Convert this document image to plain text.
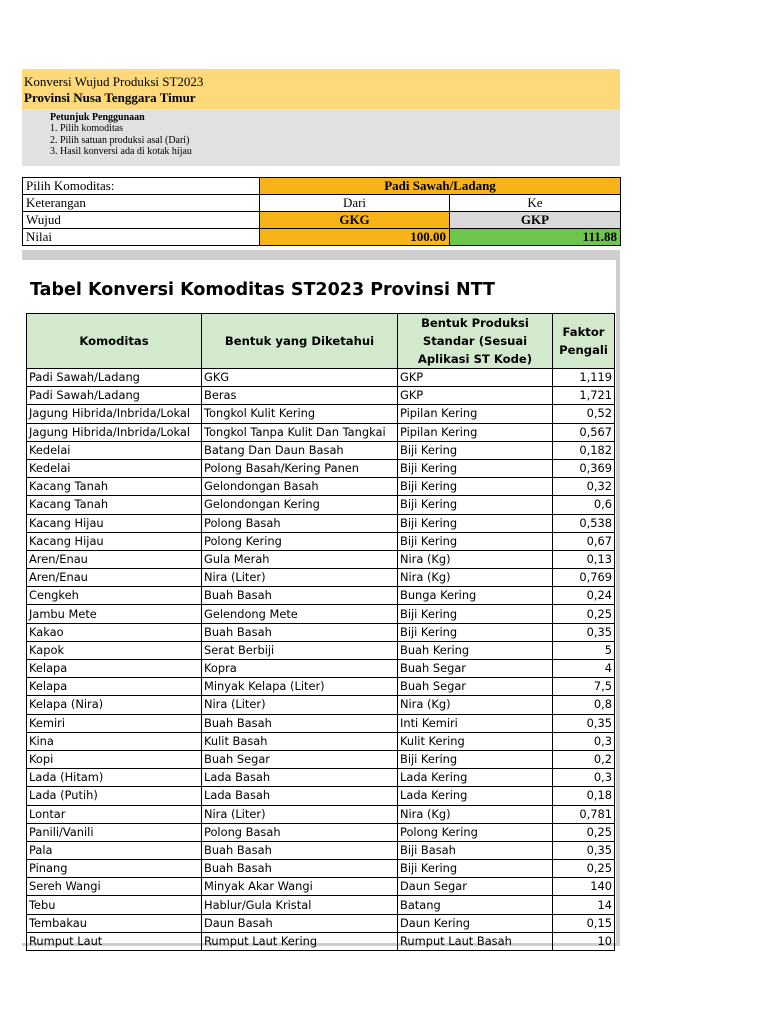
Konversi Wujud Produksi ST2023
Provinsi Nusa Tenggara Timur
Petunjuk Penggunaan
1. Pilih komoditas
2. Pilih satuan produksi asal (Dari)
3. Hasil konversi ada di kotak hijau
Pilih Komoditas:	Padi Sawah/Ladang	
Keterangan	Dari	Ke
Wujud	GKG	GKP
Nilai	100.00	111.88
Tabel Konversi Komoditas ST2023 Provinsi NTT
Komoditas	Bentuk yang Diketahui	Bentuk Produksi Standar (Sesuai Aplikasi ST Kode)	Faktor Pengali
Padi Sawah/Ladang	GKG	GKP	1,119
Padi Sawah/Ladang	Beras	GKP	1,721
Jagung Hibrida/Inbrida/Lokal	Tongkol Kulit Kering	Pipilan Kering	0,52
Jagung Hibrida/Inbrida/Lokal	Tongkol Tanpa Kulit Dan Tangkai	Pipilan Kering	0,567
Kedelai	Batang Dan Daun Basah	Biji Kering	0,182
Kedelai	Polong Basah/Kering Panen	Biji Kering	0,369
Kacang Tanah	Gelondongan Basah	Biji Kering	0,32
Kacang Tanah	Gelondongan Kering	Biji Kering	0,6
Kacang Hijau	Polong Basah	Biji Kering	0,538
Kacang Hijau	Polong Kering	Biji Kering	0,67
Aren/Enau	Gula Merah	Nira (Kg)	0,13
Aren/Enau	Nira (Liter)	Nira (Kg)	0,769
Cengkeh	Buah Basah	Bunga Kering	0,24
Jambu Mete	Gelendong Mete	Biji Kering	0,25
Kakao	Buah Basah	Biji Kering	0,35
Kapok	Serat Berbiji	Buah Kering	5
Kelapa	Kopra	Buah Segar	4
Kelapa	Minyak Kelapa (Liter)	Buah Segar	7,5
Kelapa (Nira)	Nira (Liter)	Nira (Kg)	0,8
Kemiri	Buah Basah	Inti Kemiri	0,35
Kina	Kulit Basah	Kulit Kering	0,3
Kopi	Buah Segar	Biji Kering	0,2
Lada (Hitam)	Lada Basah	Lada Kering	0,3
Lada (Putih)	Lada Basah	Lada Kering	0,18
Lontar	Nira (Liter)	Nira (Kg)	0,781
Panili/Vanili	Polong Basah	Polong Kering	0,25
Pala	Buah Basah	Biji Basah	0,35
Pinang	Buah Basah	Biji Kering	0,25
Sereh Wangi	Minyak Akar Wangi	Daun Segar	140
Tebu	Hablur/Gula Kristal	Batang	14
Tembakau	Daun Basah	Daun Kering	0,15
Rumput Laut	Rumput Laut Kering	Rumput Laut Basah	10
